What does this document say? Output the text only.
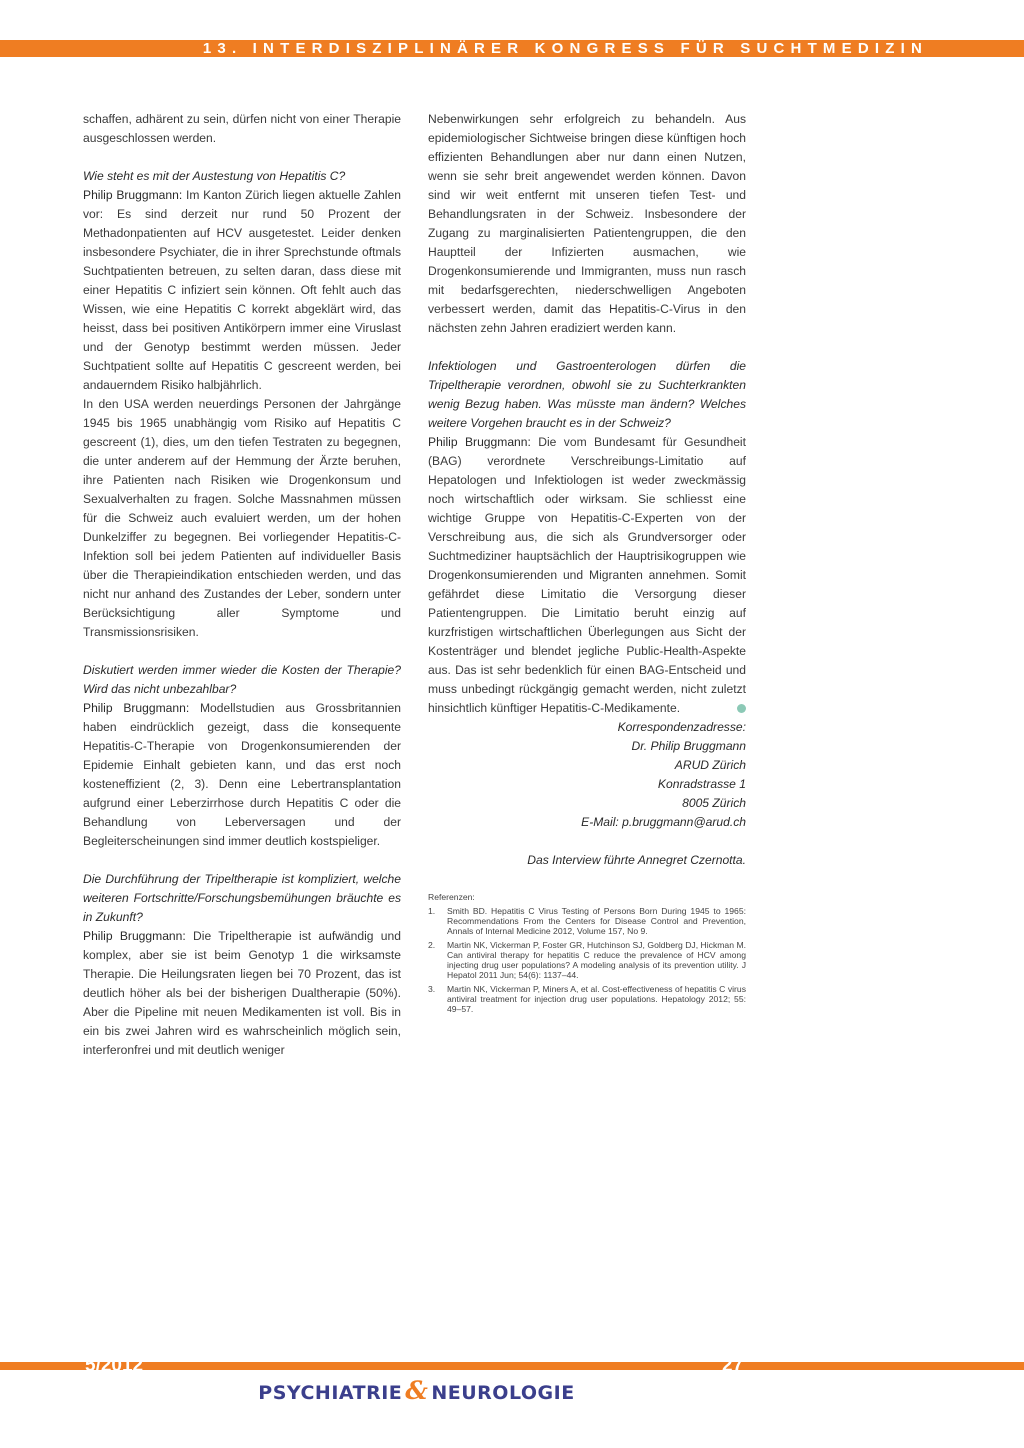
13. INTERDISZIPLINÄRER KONGRESS FÜR SUCHTMEDIZIN

schaffen, adhärent zu sein, dürfen nicht von einer Therapie ausgeschlossen werden.

Wie steht es mit der Austestung von Hepatitis C?

Philip Bruggmann: Im Kanton Zürich liegen aktuelle Zahlen vor: Es sind derzeit nur rund 50 Prozent der Methadonpatienten auf HCV ausgetestet. Leider denken insbesondere Psychiater, die in ihrer Sprechstunde oftmals Suchtpatienten betreuen, zu selten daran, dass diese mit einer Hepatitis C infiziert sein können. Oft fehlt auch das Wissen, wie eine Hepatitis C korrekt abgeklärt wird, das heisst, dass bei positiven Antikörpern immer eine Viruslast und der Genotyp bestimmt werden müssen. Jeder Suchtpatient sollte auf Hepatitis C gescreent werden, bei andauerndem Risiko halbjährlich.

In den USA werden neuerdings Personen der Jahrgänge 1945 bis 1965 unabhängig vom Risiko auf Hepatitis C gescreent (1), dies, um den tiefen Testraten zu begegnen, die unter anderem auf der Hemmung der Ärzte beruhen, ihre Patienten nach Risiken wie Drogenkonsum und Sexualverhalten zu fragen. Solche Massnahmen müssen für die Schweiz auch evaluiert werden, um der hohen Dunkelziffer zu begegnen. Bei vorliegender Hepatitis-C-Infektion soll bei jedem Patienten auf individueller Basis über die Therapieindikation entschieden werden, und das nicht nur anhand des Zustandes der Leber, sondern unter Berücksichtigung aller Symptome und Transmissionsrisiken.

Diskutiert werden immer wieder die Kosten der Therapie? Wird das nicht unbezahlbar?

Philip Bruggmann: Modellstudien aus Grossbritannien haben eindrücklich gezeigt, dass die konsequente Hepatitis-C-Therapie von Drogenkonsumierenden der Epidemie Einhalt gebieten kann, und das erst noch kosteneffizient (2, 3). Denn eine Lebertransplantation aufgrund einer Leberzirrhose durch Hepatitis C oder die Behandlung von Leberversagen und der Begleiterscheinungen sind immer deutlich kostspieliger.

Die Durchführung der Tripeltherapie ist kompliziert, welche weiteren Fortschritte/Forschungsbemühungen bräuchte es in Zukunft?

Philip Bruggmann: Die Tripeltherapie ist aufwändig und komplex, aber sie ist beim Genotyp 1 die wirksamste Therapie. Die Heilungsraten liegen bei 70 Prozent, das ist deutlich höher als bei der bisherigen Dualtherapie (50%). Aber die Pipeline mit neuen Medikamenten ist voll. Bis in ein bis zwei Jahren wird es wahrscheinlich möglich sein, interferonfrei und mit deutlich weniger

Nebenwirkungen sehr erfolgreich zu behandeln. Aus epidemiologischer Sichtweise bringen diese künftigen hoch effizienten Behandlungen aber nur dann einen Nutzen, wenn sie sehr breit angewendet werden können. Davon sind wir weit entfernt mit unseren tiefen Test- und Behandlungsraten in der Schweiz. Insbesondere der Zugang zu marginalisierten Patientengruppen, die den Hauptteil der Infizierten ausmachen, wie Drogenkonsumierende und Immigranten, muss nun rasch mit bedarfsgerechten, niederschwelligen Angeboten verbessert werden, damit das Hepatitis-C-Virus in den nächsten zehn Jahren eradiziert werden kann.

Infektiologen und Gastroenterologen dürfen die Tripeltherapie verordnen, obwohl sie zu Suchterkrankten wenig Bezug haben. Was müsste man ändern? Welches weitere Vorgehen braucht es in der Schweiz?

Philip Bruggmann: Die vom Bundesamt für Gesundheit (BAG) verordnete Verschreibungs-Limitatio auf Hepatologen und Infektiologen ist weder zweckmässig noch wirtschaftlich oder wirksam. Sie schliesst eine wichtige Gruppe von Hepatitis-C-Experten von der Verschreibung aus, die sich als Grundversorger oder Suchtmediziner hauptsächlich der Hauptrisikogruppen wie Drogenkonsumierenden und Migranten annehmen. Somit gefährdet diese Limitatio die Versorgung dieser Patientengruppen. Die Limitatio beruht einzig auf kurzfristigen wirtschaftlichen Überlegungen aus Sicht der Kostenträger und blendet jegliche Public-Health-Aspekte aus. Das ist sehr bedenklich für einen BAG-Entscheid und muss unbedingt rückgängig gemacht werden, nicht zuletzt hinsichtlich künftiger Hepatitis-C-Medikamente.

Korrespondenzadresse:
Dr. Philip Bruggmann
ARUD Zürich
Konradstrasse 1
8005 Zürich
E-Mail: p.bruggmann@arud.ch
Das Interview führte Annegret Czernotta.
Referenzen:
1. Smith BD. Hepatitis C Virus Testing of Persons Born During 1945 to 1965: Recommendations From the Centers for Disease Control and Prevention, Annals of Internal Medicine 2012, Volume 157, No 9.
2. Martin NK, Vickerman P, Foster GR, Hutchinson SJ, Goldberg DJ, Hickman M. Can antiviral therapy for hepatitis C reduce the prevalence of HCV among injecting drug user populations? A modeling analysis of its prevention utility. J Hepatol 2011 Jun; 54(6): 1137–44.
3. Martin NK, Vickerman P, Miners A, et al. Cost-effectiveness of hepatitis C virus antiviral treatment for injection drug user populations. Hepatology 2012; 55: 49–57.
5/2012	27
PSYCHIATRIE & NEUROLOGIE
